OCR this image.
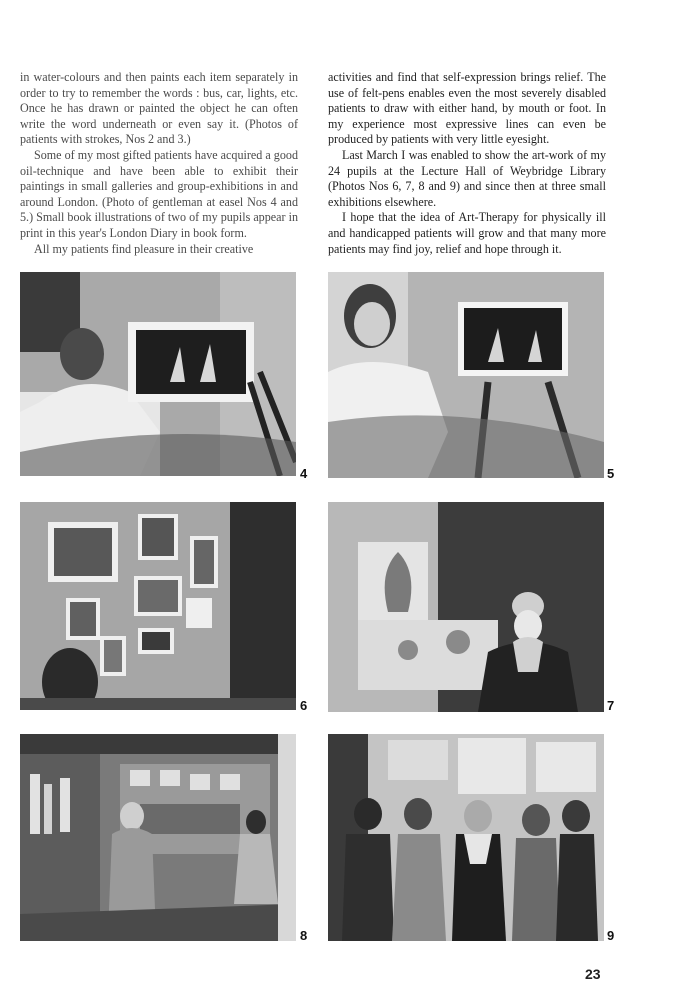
in water-colours and then paints each item separately in order to try to remember the words : bus, car, lights, etc. Once he has drawn or painted the object he can often write the word underneath or even say it. (Photos of patients with strokes, Nos 2 and 3.)

Some of my most gifted patients have acquired a good oil-technique and have been able to exhibit their paintings in small galleries and group-exhibitions in and around London. (Photo of gentleman at easel Nos 4 and 5.) Small book illustrations of two of my pupils appear in print in this year's London Diary in book form.

All my patients find pleasure in their creative

activities and find that self-expression brings relief. The use of felt-pens enables even the most severely disabled patients to draw with either hand, by mouth or foot. In my experience most expressive lines can even be produced by patients with very little eyesight.

Last March I was enabled to show the art-work of my 24 pupils at the Lecture Hall of Weybridge Library (Photos Nos 6, 7, 8 and 9) and since then at three small exhibitions elsewhere.

I hope that the idea of Art-Therapy for physically ill and handicapped patients will grow and that many more patients may find joy, relief and hope through it.

4	5
6	7
8	9
23
